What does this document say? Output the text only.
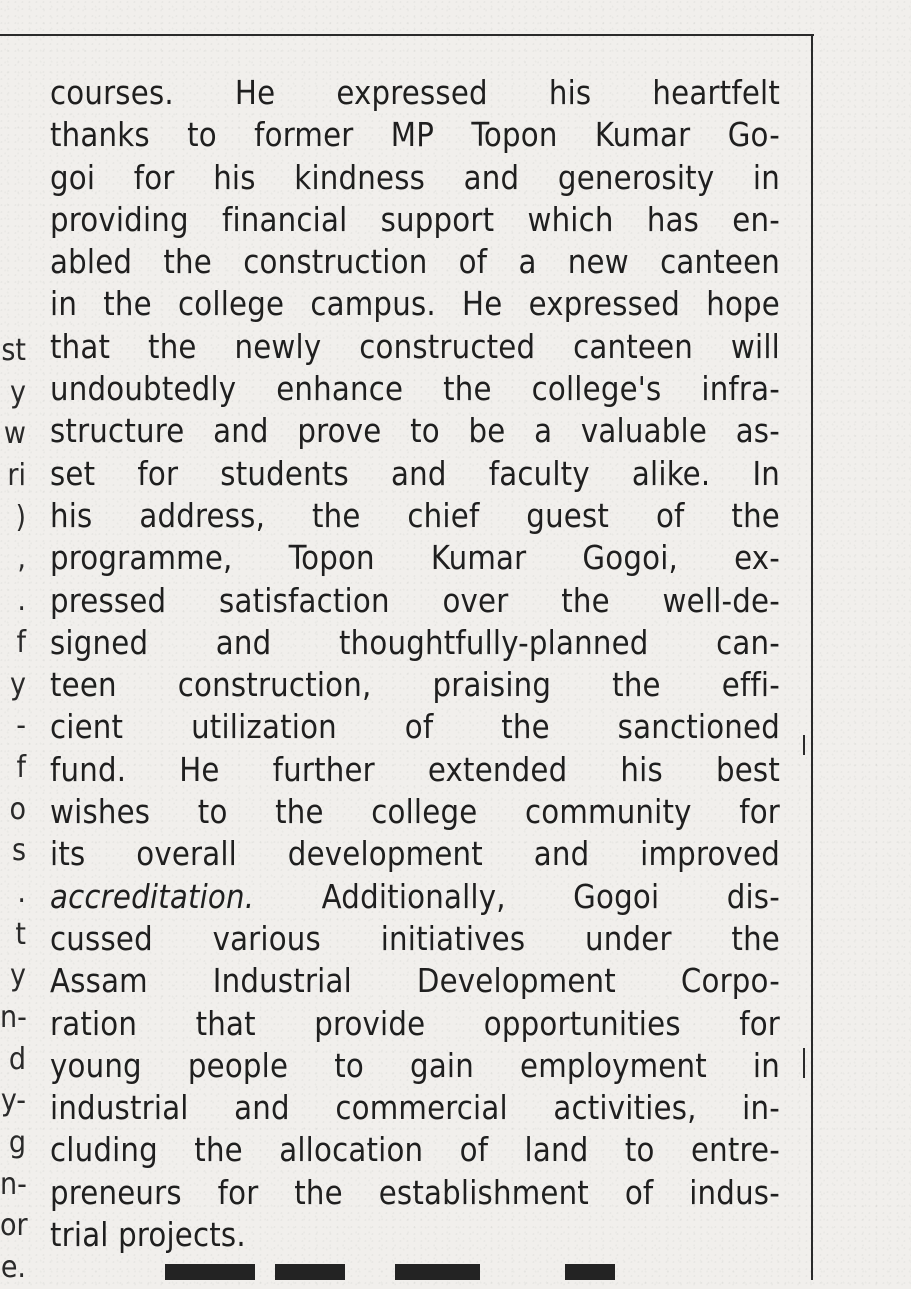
st
y
w
ri
)
,
.
f
y
-
f
o
s
.
t
y
n-
d
y-
g
n-
or
e.
courses. He expressed his heartfelt
thanks to former MP Topon Kumar Go-
goi for his kindness and generosity in
providing financial support which has en-
abled the construction of a new canteen
in the college campus. He expressed hope
that the newly constructed canteen will
undoubtedly enhance the college's infra-
structure and prove to be a valuable as-
set for students and faculty alike. In
his address, the chief guest of the
programme, Topon Kumar Gogoi, ex-
pressed satisfaction over the well-de-
signed and thoughtfully-planned can-
teen construction, praising the effi-
cient utilization of the sanctioned
fund. He further extended his best
wishes to the college community for
its overall development and improved
accreditation. Additionally, Gogoi dis-
cussed various initiatives under the
Assam Industrial Development Corpo-
ration that provide opportunities for
young people to gain employment in
industrial and commercial activities, in-
cluding the allocation of land to entre-
preneurs for the establishment of indus-
trial projects.
